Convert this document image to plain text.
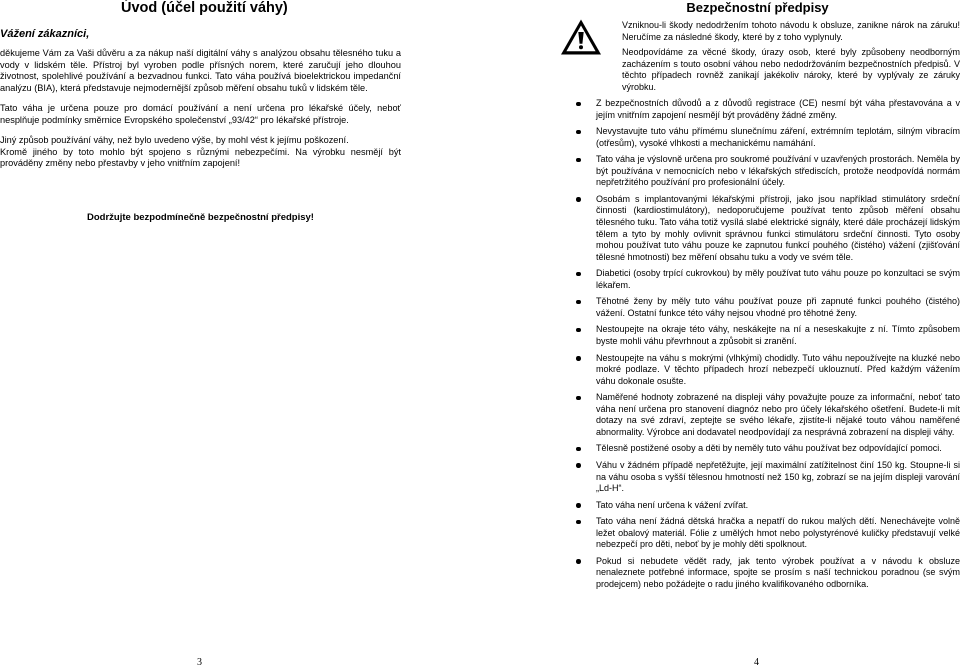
Úvod (účel použití váhy)
Vážení zákazníci,

děkujeme Vám za Vaši důvěru a za nákup naší digitální váhy s analýzou obsahu tělesného tuku a vody v lidském těle. Přístroj byl vyroben podle přísných norem, které zaručují jeho dlouhou životnost, spolehlivé používání a bezvadnou funkci. Tato váha používá bioelektrickou impedanční analýzu (BIA), která představuje nejmodernější způsob měření obsahu tuků v lidském těle.

Tato váha je určena pouze pro domácí používání a není určena pro lékařské účely, neboť nesplňuje podmínky směrnice Evropského společenství „93/42“ pro lékařské přístroje.

Jiný způsob používání váhy, než bylo uvedeno výše, by mohl vést k jejímu poškození.

Kromě jiného by toto mohlo být spojeno s různými nebezpečími. Na výrobku nesmějí být prováděny změny nebo přestavby v jeho vnitřním zapojení!

Dodržujte bezpodmínečně bezpečnostní předpisy!
3
Bezpečnostní předpisy

Vzniknou-li škody nedodržením tohoto návodu k obsluze, zanikne nárok na záruku! Neručíme za následné škody, které by z toho vyplynuly.

Neodpovídáme za věcné škody, úrazy osob, které byly způsobeny neodborným zacházením s touto osobní váhou nebo nedodržováním bezpečnostních předpisů. V těchto případech rovněž zanikají jakékoliv nároky, které by vyplývaly ze záruky výrobku.

Z bezpečnostních důvodů a z důvodů registrace (CE) nesmí být váha přestavována a v jejím vnitřním zapojení nesmějí být prováděny žádné změny.
Nevystavujte tuto váhu přímému slunečnímu záření, extrémním teplotám, silným vibracím (otřesům), vysoké vlhkosti a mechanickému namáhání.
Tato váha je výslovně určena pro soukromé používání v uzavřených prostorách. Neměla by být používána v nemocnicích nebo v lékařských střediscích, protože neodpovídá normám nepřetržitého používání pro profesionální účely.
Osobám s implantovanými lékařskými přístroji, jako jsou například stimulátory srdeční činnosti (kardiostimulátory), nedoporučujeme používat tento způsob měření obsahu tělesného tuku. Tato váha totiž vysílá slabé elektrické signály, které dále procházejí lidským tělem a tyto by mohly ovlivnit správnou funkci stimulátoru srdeční činnosti. Tyto osoby mohou používat tuto váhu pouze ke zapnutou funkcí pouhého (čistého) vážení (zjišťování tělesné hmotnosti) bez měření obsahu tuku a vody ve svém těle.
Diabetici (osoby trpící cukrovkou) by měly používat tuto váhu pouze po konzultaci se svým lékařem.
Těhotné ženy by měly tuto váhu používat pouze při zapnuté funkci pouhého (čistého) vážení. Ostatní funkce této váhy nejsou vhodné pro těhotné ženy.
Nestoupejte na okraje této váhy, neskákejte na ní a neseskakujte z ní. Tímto způsobem byste mohli váhu převrhnout a způsobit si zranění.
Nestoupejte na váhu s mokrými (vlhkými) chodidly. Tuto váhu nepoužívejte na kluzké nebo mokré podlaze. V těchto případech hrozí nebezpečí uklouznutí. Před každým vážením váhu dokonale osušte.
Naměřené hodnoty zobrazené na displeji váhy považujte pouze za informační, neboť tato váha není určena pro stanovení diagnóz nebo pro účely lékařského ošetření. Budete-li mít dotazy na své zdraví, zeptejte se svého lékaře, zjistíte-li nějaké touto váhou naměřené abnormality. Výrobce ani dodavatel neodpovídají za nesprávná zobrazení na displeji váhy.
Tělesně postižené osoby a děti by neměly tuto váhu používat bez odpovídající pomoci.
Váhu v žádném případě nepřetěžujte, její maximální zatížitelnost činí 150 kg. Stoupne-li si na váhu osoba s vyšší tělesnou hmotností než 150 kg, zobrazí se na jejím displeji varování „Ld-H“.
Tato váha není určena k vážení zvířat.
Tato váha není žádná dětská hračka a nepatří do rukou malých dětí. Nenechávejte volně ležet obalový materiál. Fólie z umělých hmot nebo polystyrénové kuličky představují velké nebezpečí pro děti, neboť by je mohly děti spolknout.
Pokud si nebudete vědět rady, jak tento výrobek používat a v návodu k obsluze nenaleznete potřebné informace, spojte se prosím s naší technickou poradnou (se svým prodejcem) nebo požádejte o radu jiného kvalifikovaného odborníka.
4
